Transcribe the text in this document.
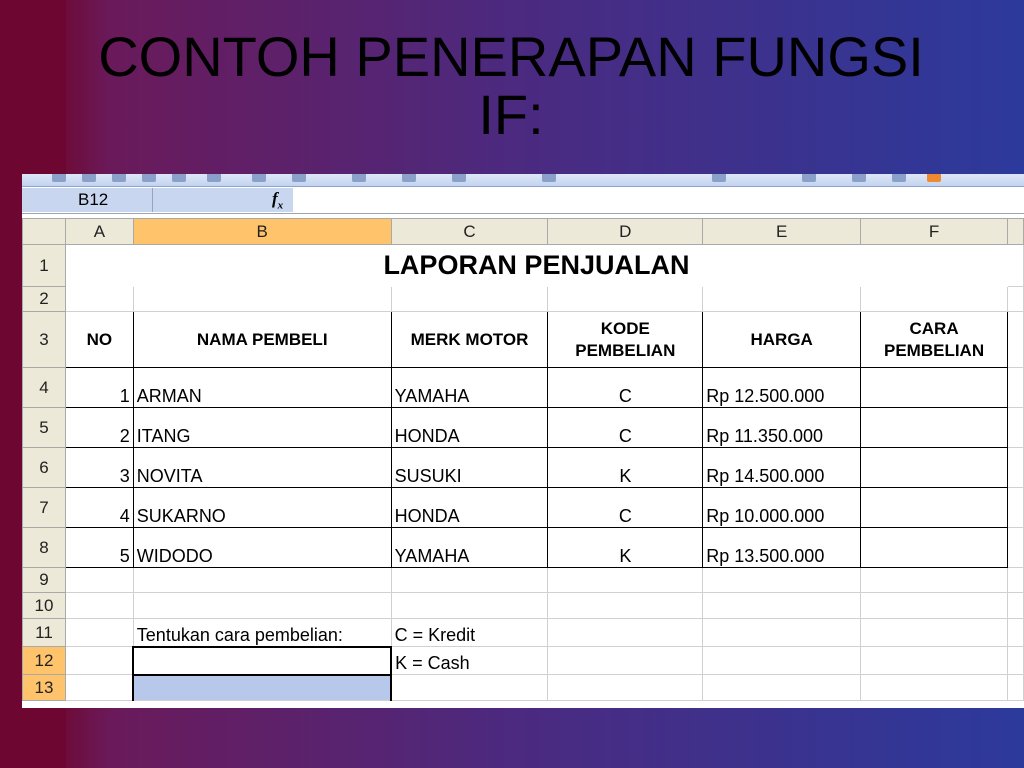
CONTOH PENERAPAN FUNGSI IF:
B12	$f_x$
	A	B	C	D	E	F	
1	LAPORAN PENJUALAN						
2							
3	NO	NAMA PEMBELI	MERK MOTOR	KODE PEMBELIAN	HARGA	CARA PEMBELIAN	
4	1	ARMAN	YAMAHA	C	Rp 12.500.000		
5	2	ITANG	HONDA	C	Rp 11.350.000		
6	3	NOVITA	SUSUKI	K	Rp 14.500.000		
7	4	SUKARNO	HONDA	C	Rp 10.000.000		
8	5	WIDODO	YAMAHA	K	Rp 13.500.000		
9							
10							
11		Tentukan cara pembelian:	C = Kredit				
12			K = Cash				
13							
